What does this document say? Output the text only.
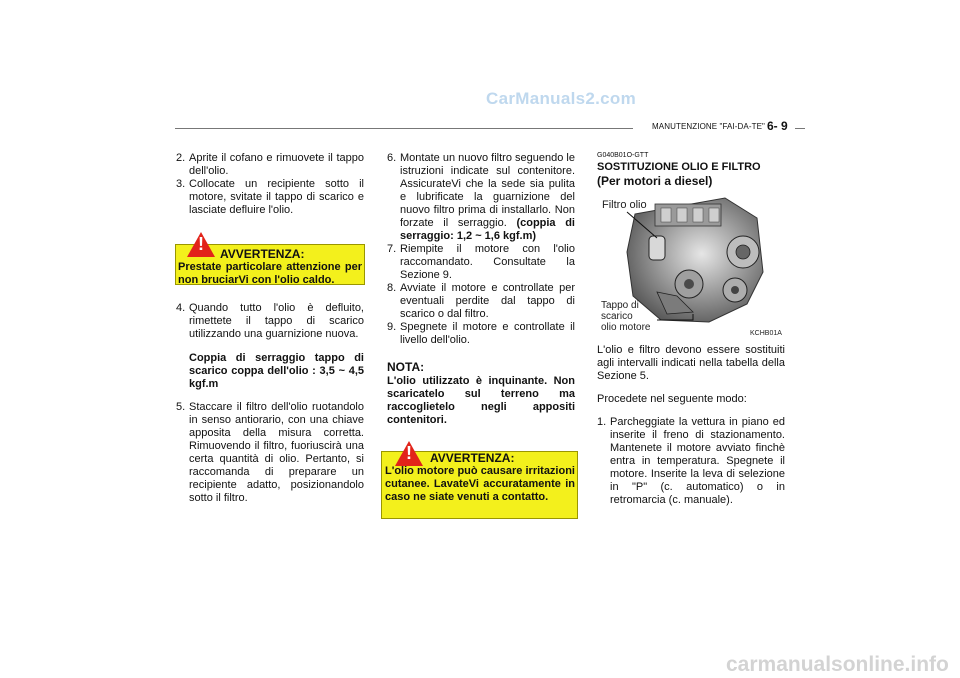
CarManuals2.com
MANUTENZIONE "FAI-DA-TE" 6- 9

2. Aprite il cofano e rimuovete il tappo dell'olio.

3. Collocate un recipiente sotto il motore, svitate il tappo di scarico e lasciate defluire l'olio.

!	AVVERTENZA:
Prestate particolare attenzione per non bruciarVi con l'olio caldo.

4. Quando tutto l'olio è defluito, rimettete il tappo di scarico utilizzando una guarnizione nuova.

Coppia di serraggio tappo di scarico coppa dell'olio : 3,5 ~ 4,5 kgf.m

5. Staccare il filtro dell'olio ruotandolo in senso antiorario, con una chiave apposita della misura corretta. Rimuovendo il filtro, fuoriuscirà una certa quantità di olio. Pertanto, si raccomanda di preparare un recipiente adatto, posizionandolo sotto il filtro.

6. Montate un nuovo filtro seguendo le istruzioni indicate sul contenitore. AssicurateVi che la sede sia pulita e lubrificate la guarnizione del nuovo filtro prima di installarlo. Non forzate il serraggio. (coppia di serraggio: 1,2 ~ 1,6 kgf.m)

7. Riempite il motore con l'olio raccomandato. Consultate la Sezione 9.

8. Avviate il motore e controllate per eventuali perdite dal tappo di scarico o dal filtro.

9. Spegnete il motore e controllate il livello dell'olio.

NOTA:

L'olio utilizzato è inquinante. Non scaricatelo sul terreno ma raccoglietelo negli appositi contenitori.

!	AVVERTENZA:
L'olio motore può causare irritazioni cutanee. LavateVi accuratamente in caso ne siate venuti a contatto.
G040B01O-GTT
SOSTITUZIONE OLIO E FILTRO
(Per motori a diesel)
Filtro olio
Tappo di
scarico
olio motore
KCHB01A

L'olio e filtro devono essere sostituiti agli intervalli indicati nella tabella della Sezione 5.

Procedete nel seguente modo:

1. Parcheggiate la vettura in piano ed inserite il freno di stazionamento. Mantenete il motore avviato finchè entra in temperatura. Spegnete il motore. Inserite la leva di selezione in "P" (c. automatico) o in retromarcia (c. manuale).

carmanualsonline.info
